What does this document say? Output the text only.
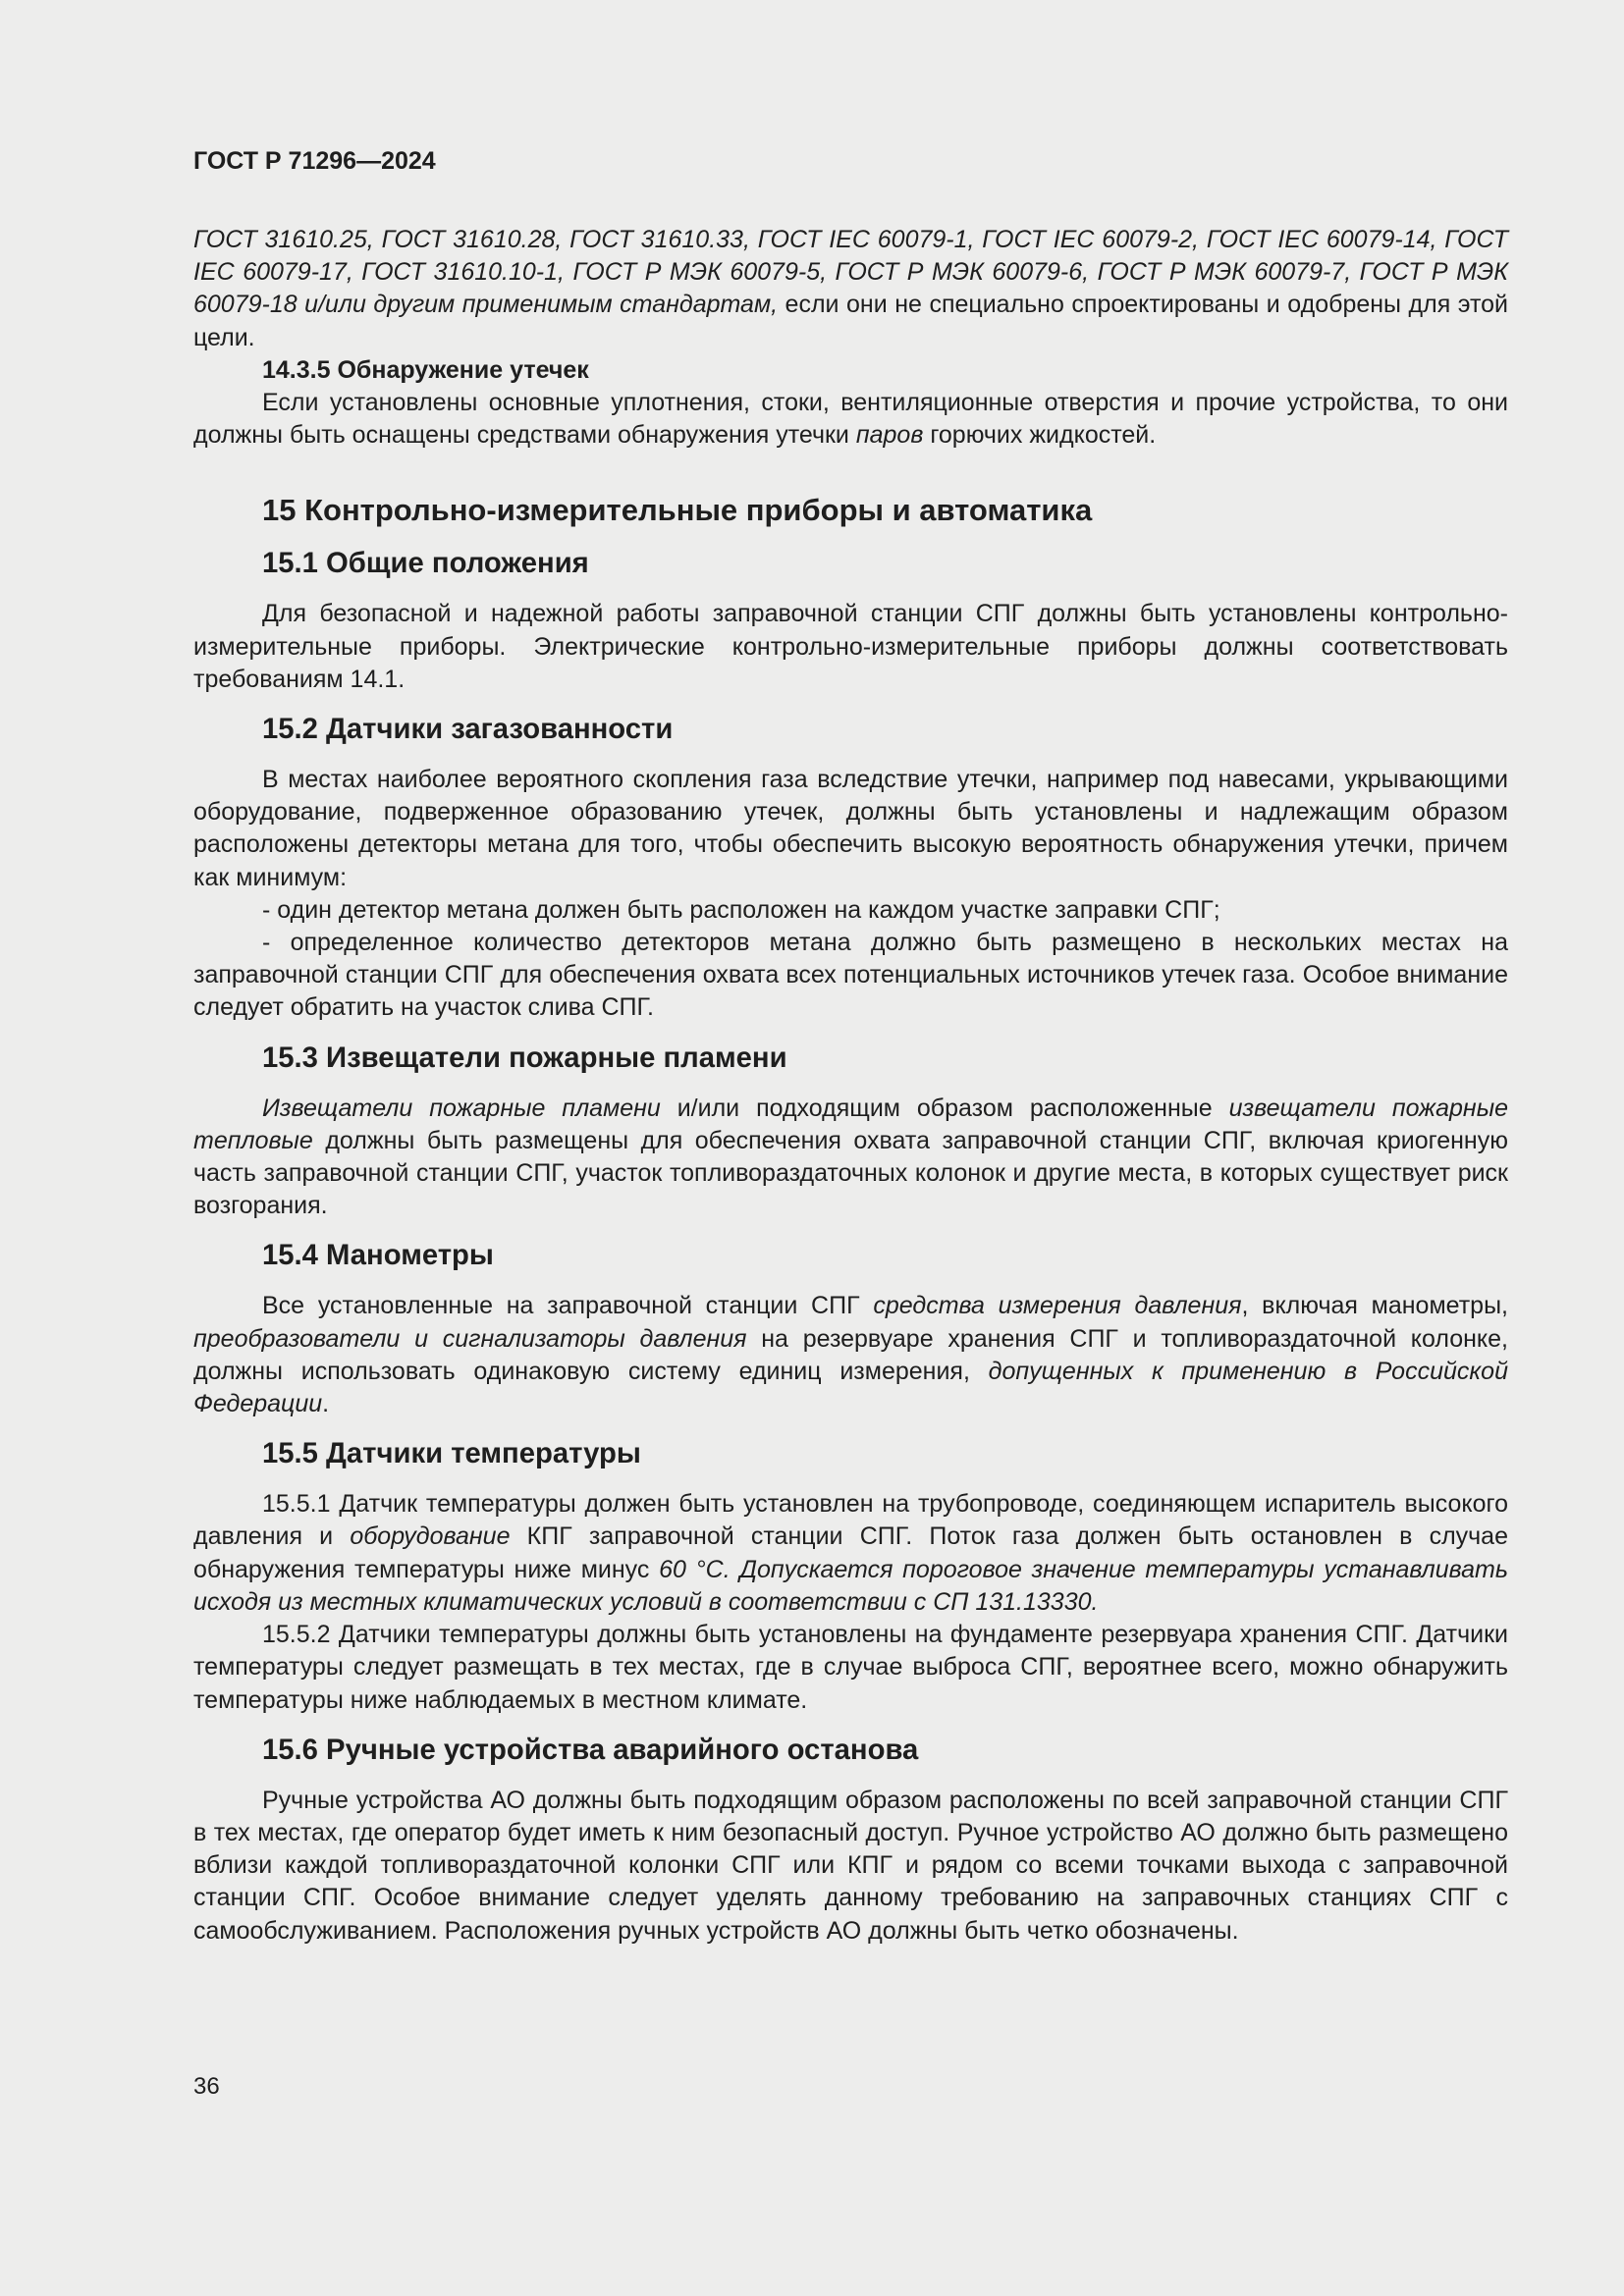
ГОСТ Р 71296—2024

ГОСТ 31610.25, ГОСТ 31610.28, ГОСТ 31610.33, ГОСТ IEC 60079-1, ГОСТ IEC 60079-2, ГОСТ IEC 60079-14, ГОСТ IEC 60079-17, ГОСТ 31610.10-1, ГОСТ Р МЭК 60079-5, ГОСТ Р МЭК 60079-6, ГОСТ Р МЭК 60079-7, ГОСТ Р МЭК 60079-18 и/или другим применимым стандартам, если они не специально спроектированы и одобрены для этой цели.

14.3.5 Обнаружение утечек

Если установлены основные уплотнения, стоки, вентиляционные отверстия и прочие устройства, то они должны быть оснащены средствами обнаружения утечки паров горючих жидкостей.

15 Контрольно-измерительные приборы и автоматика
15.1 Общие положения

Для безопасной и надежной работы заправочной станции СПГ должны быть установлены контрольно-измерительные приборы. Электрические контрольно-измерительные приборы должны соответствовать требованиям 14.1.

15.2 Датчики загазованности

В местах наиболее вероятного скопления газа вследствие утечки, например под навесами, укрывающими оборудование, подверженное образованию утечек, должны быть установлены и надлежащим образом расположены детекторы метана для того, чтобы обеспечить высокую вероятность обнаружения утечки, причем как минимум:

- один детектор метана должен быть расположен на каждом участке заправки СПГ;

- определенное количество детекторов метана должно быть размещено в нескольких местах на заправочной станции СПГ для обеспечения охвата всех потенциальных источников утечек газа. Особое внимание следует обратить на участок слива СПГ.

15.3 Извещатели пожарные пламени

Извещатели пожарные пламени и/или подходящим образом расположенные извещатели пожарные тепловые должны быть размещены для обеспечения охвата заправочной станции СПГ, включая криогенную часть заправочной станции СПГ, участок топливораздаточных колонок и другие места, в которых существует риск возгорания.

15.4 Манометры

Все установленные на заправочной станции СПГ средства измерения давления, включая манометры, преобразователи и сигнализаторы давления на резервуаре хранения СПГ и топливораздаточной колонке, должны использовать одинаковую систему единиц измерения, допущенных к применению в Российской Федерации.

15.5 Датчики температуры

15.5.1 Датчик температуры должен быть установлен на трубопроводе, соединяющем испаритель высокого давления и оборудование КПГ заправочной станции СПГ. Поток газа должен быть остановлен в случае обнаружения температуры ниже минус 60 °С. Допускается пороговое значение температуры устанавливать исходя из местных климатических условий в соответствии с СП 131.13330.

15.5.2 Датчики температуры должны быть установлены на фундаменте резервуара хранения СПГ. Датчики температуры следует размещать в тех местах, где в случае выброса СПГ, вероятнее всего, можно обнаружить температуры ниже наблюдаемых в местном климате.

15.6 Ручные устройства аварийного останова

Ручные устройства АО должны быть подходящим образом расположены по всей заправочной станции СПГ в тех местах, где оператор будет иметь к ним безопасный доступ. Ручное устройство АО должно быть размещено вблизи каждой топливораздаточной колонки СПГ или КПГ и рядом со всеми точками выхода с заправочной станции СПГ. Особое внимание следует уделять данному требованию на заправочных станциях СПГ с самообслуживанием. Расположения ручных устройств АО должны быть четко обозначены.

36
